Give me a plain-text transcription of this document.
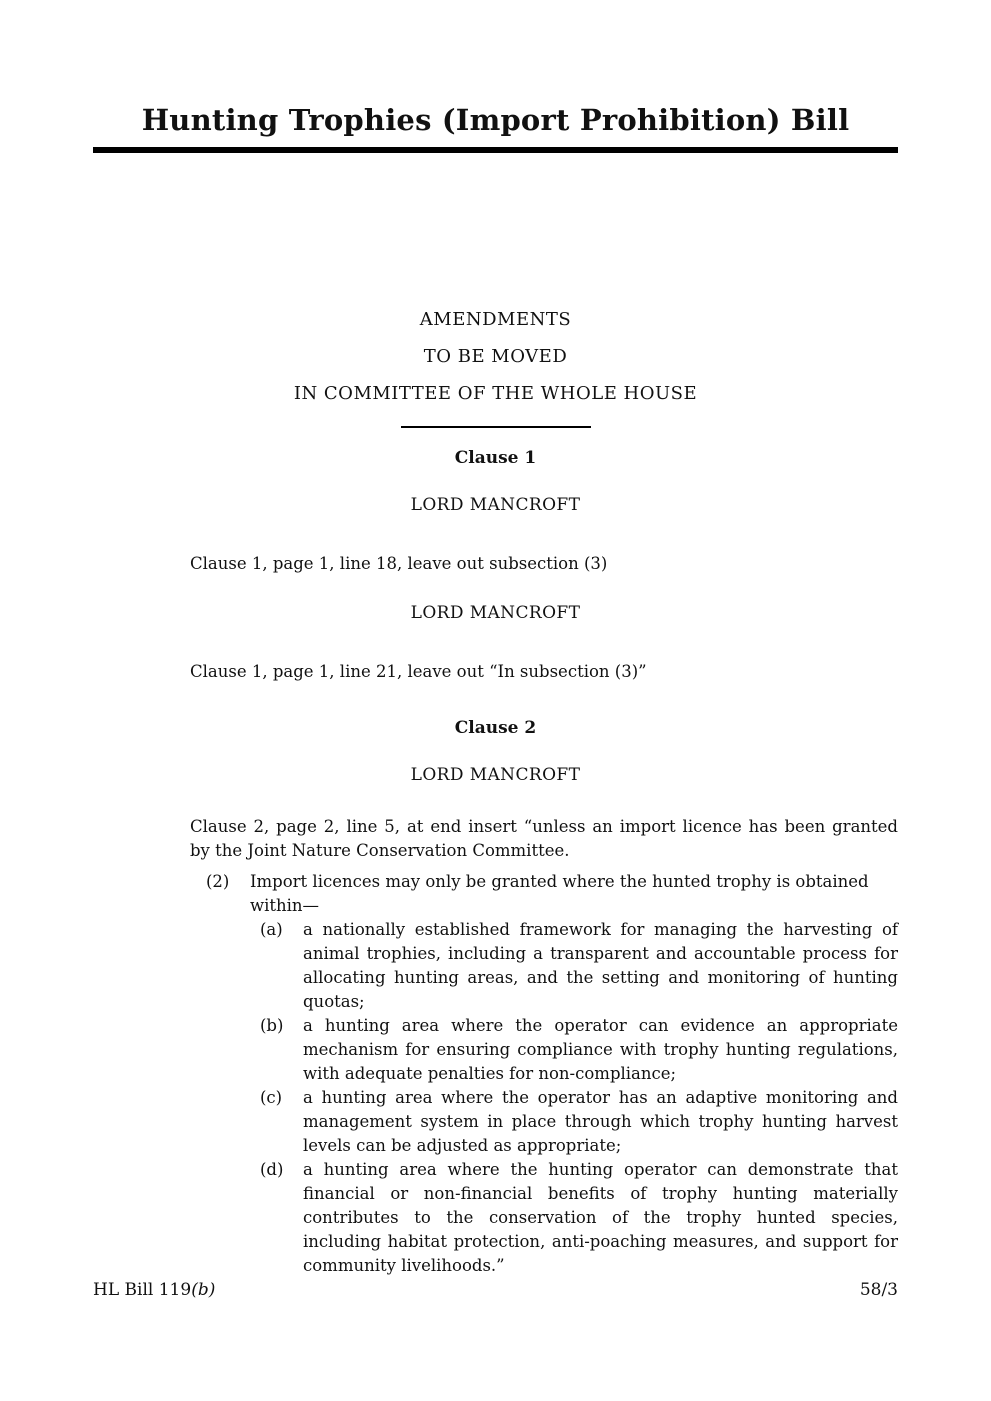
Hunting Trophies (Import Prohibition) Bill
AMENDMENTS
TO BE MOVED
IN COMMITTEE OF THE WHOLE HOUSE
Clause 1
LORD MANCROFT
Clause 1, page 1, line 18, leave out subsection (3)
LORD MANCROFT
Clause 1, page 1, line 21, leave out “In subsection (3)”
Clause 2
LORD MANCROFT
Clause 2, page 2, line 5, at end insert “unless an import licence has been granted by the Joint Nature Conservation Committee.
(2) Import licences may only be granted where the hunted trophy is obtained within—
(a) a nationally established framework for managing the harvesting of animal trophies, including a transparent and accountable process for allocating hunting areas, and the setting and monitoring of hunting quotas;
(b) a hunting area where the operator can evidence an appropriate mechanism for ensuring compliance with trophy hunting regulations, with adequate penalties for non-compliance;
(c) a hunting area where the operator has an adaptive monitoring and management system in place through which trophy hunting harvest levels can be adjusted as appropriate;
(d) a hunting area where the hunting operator can demonstrate that financial or non-financial benefits of trophy hunting materially contributes to the conservation of the trophy hunted species, including habitat protection, anti-poaching measures, and support for community livelihoods.”
HL Bill 119(b)	58/3
